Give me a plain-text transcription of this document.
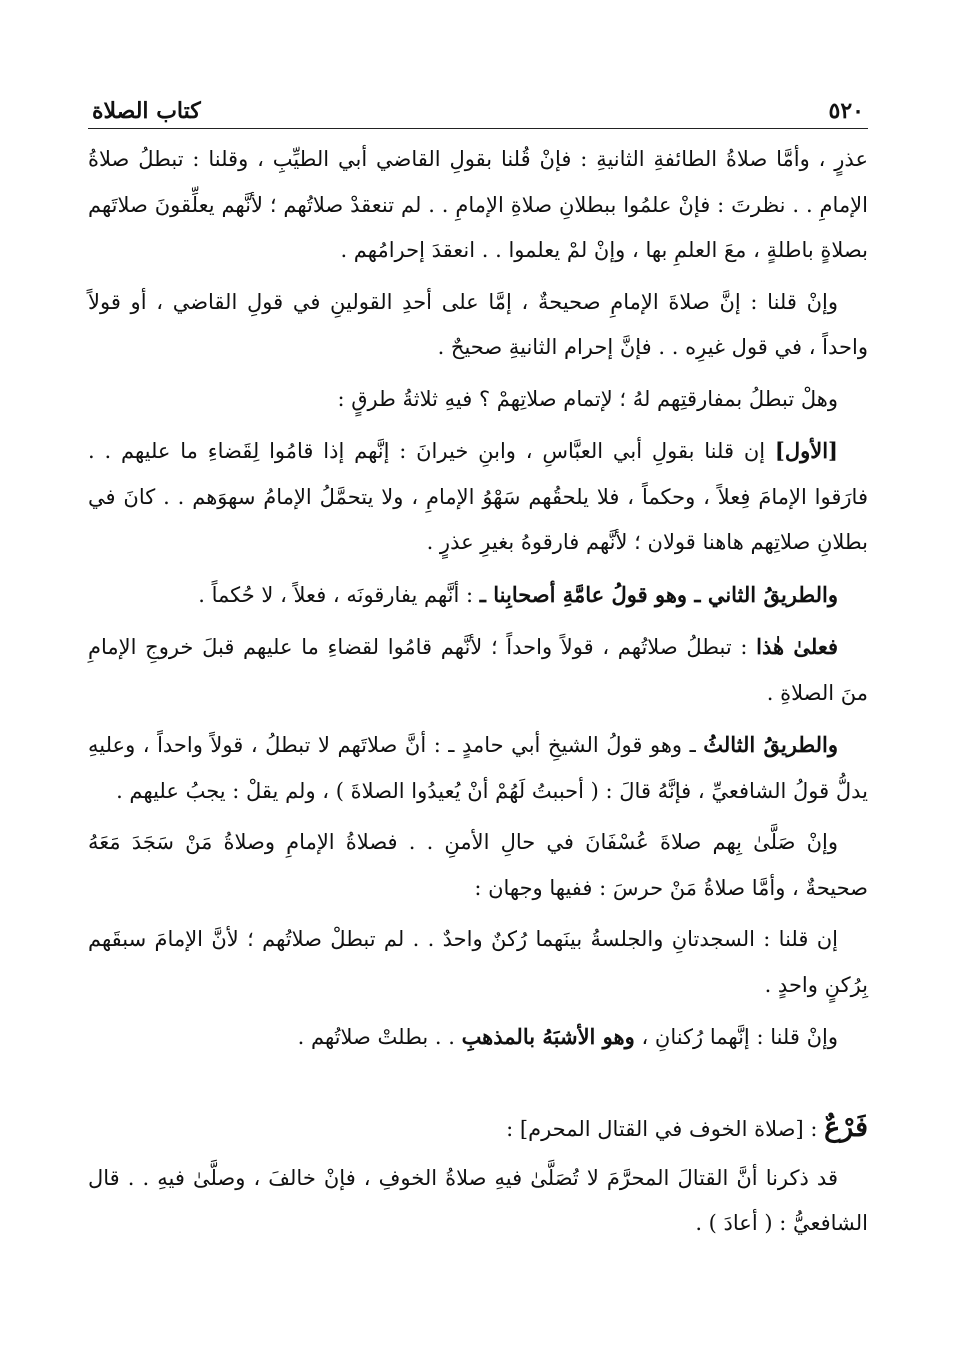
٥٢٠
كتاب الصلاة

عذرٍ ، وأمَّا صلاةُ الطائفةِ الثانيةِ : فإنْ قُلنا بقولِ القاضي أبي الطيِّبِ ، وقلنا : تبطلُ صلاةُ الإمامِ . . نظرتَ : فإنْ علمُوا ببطلانِ صلاةِ الإمامِ . . لم تنعقدْ صلاتُهم ؛ لأنَّهم يعلِّقونَ صلاتَهم بصلاةٍ باطلةٍ ، معَ العلمِ بها ، وإنْ لمْ يعلموا . . انعقدَ إحرامُهم .

وإنْ قلنا : إنَّ صلاةَ الإمامِ صحيحةٌ ، إمَّا على أحدِ القولينِ في قولِ القاضي ، أو قولاً واحداً ، في قول غيرِه . . فإنَّ إحرام الثانيةِ صحيحٌ .

وهلْ تبطلُ بمفارقتِهم لهُ ؛ لإتمام صلاتِهمْ ؟ فيهِ ثلاثةُ طرقٍ :

[الأول] إن قلنا بقولِ أبي العبَّاسِ ، وابنِ خيرانَ : إنَّهم إذا قامُوا لِقَضاءِ ما عليهم . . فارَقوا الإمامَ فِعلاً ، وحكماً ، فلا يلحقُهم سَهْوُ الإمامِ ، ولا يتحمَّلُ الإمامُ سهوَهم . . كانَ في بطلانِ صلاتِهم هاهنا قولان ؛ لأنَّهم فارقوهُ بغيرِ عذرٍ .

والطريقُ الثاني ـ وهو قولُ عامَّةِ أصحابِنا ـ : أنَّهم يفارقونَه ، فعلاً ، لا حُكماً .

فعلىٰ هٰذا : تبطلُ صلاتُهم ، قولاً واحداً ؛ لأنَّهم قامُوا لقضاءِ ما عليهم قبلَ خروجِ الإمامِ منَ الصلاةِ .

والطريقُ الثالثُ ـ وهو قولُ الشيخِ أبي حامدٍ ـ : أنَّ صلاتَهم لا تبطلُ ، قولاً واحداً ، وعليهِ يدلُّ قولُ الشافعيِّ ، فإنَّهُ قالَ : ( أحببتُ لَهُمْ أنْ يُعيدُوا الصلاةَ ) ، ولم يقلْ : يجبُ عليهم .

وإنْ صَلَّىٰ بِهم صلاةَ عُسْفَانَ في حالِ الأمنِ . . فصلاةُ الإمامِ وصلاةُ مَنْ سَجَدَ مَعَهُ صحيحةٌ ، وأمَّا صلاةُ مَنْ حرسَ : ففيها وجهان :

إن قلنا : السجدتانِ والجلسةُ بينَهما رُكنٌ واحدٌ . . لم تبطلْ صلاتُهم ؛ لأنَّ الإمامَ سبقَهم بِرُكنٍ واحدٍ .

وإنْ قلنا : إنَّهما رُكنانِ ، وهو الأشبَهُ بالمذهبِ . . بطلتْ صلاتُهم .

فَرْعٌ : [صلاة الخوف في القتال المحرم] :

قد ذكرنا أنَّ القتالَ المحرَّمَ لا تُصَلَّىٰ فيهِ صلاةُ الخوفِ ، فإنْ خالفَ ، وصلَّىٰ فيهِ . . قال الشافعيُّ : ( أعادَ ) .
